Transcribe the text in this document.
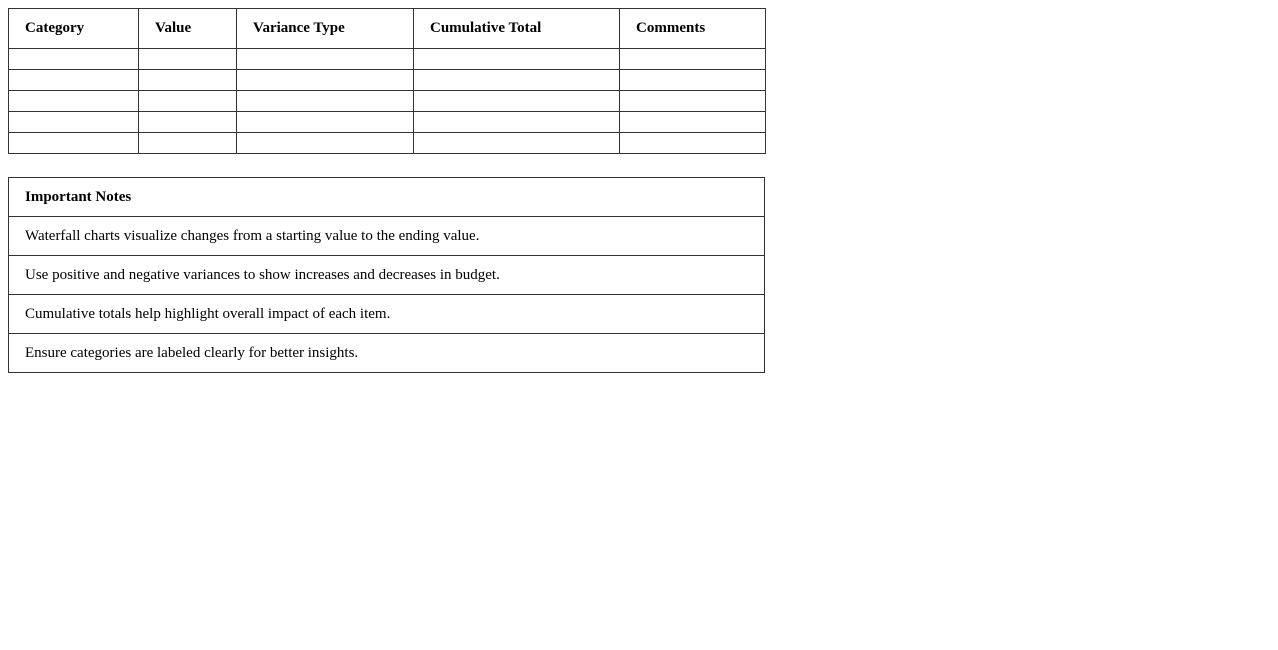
Category	Value	Variance Type	Cumulative Total	Comments

Important Notes
Waterfall charts visualize changes from a starting value to the ending value.
Use positive and negative variances to show increases and decreases in budget.
Cumulative totals help highlight overall impact of each item.
Ensure categories are labeled clearly for better insights.
